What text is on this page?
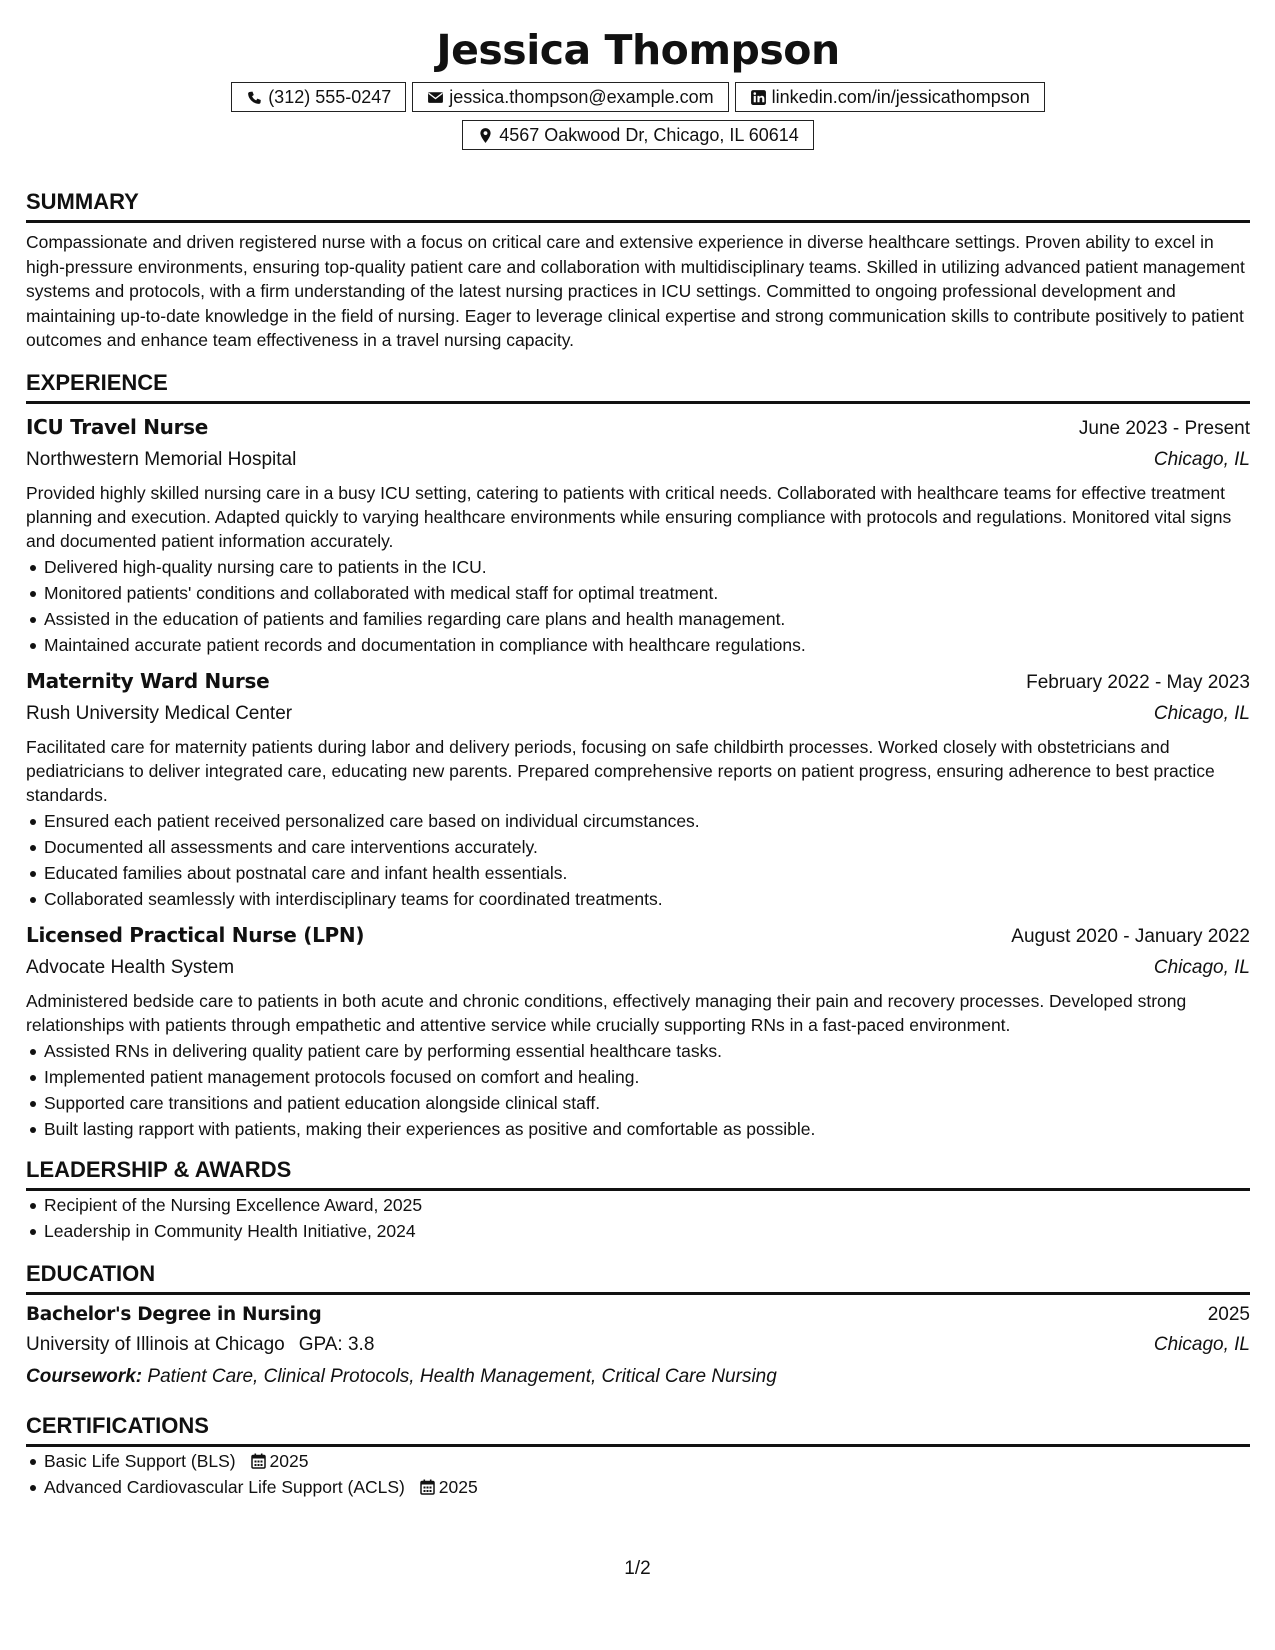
Jessica Thompson
(312) 555-0247	jessica.thompson@example.com	linkedin.com/in/jessicathompson
4567 Oakwood Dr, Chicago, IL 60614
SUMMARY

Compassionate and driven registered nurse with a focus on critical care and extensive experience in diverse healthcare settings. Proven ability to excel in high-pressure environments, ensuring top-quality patient care and collaboration with multidisciplinary teams. Skilled in utilizing advanced patient management systems and protocols, with a firm understanding of the latest nursing practices in ICU settings. Committed to ongoing professional development and maintaining up-to-date knowledge in the field of nursing. Eager to leverage clinical expertise and strong communication skills to contribute positively to patient outcomes and enhance team effectiveness in a travel nursing capacity.

EXPERIENCE
ICU Travel Nurse	June 2023 - Present
Northwestern Memorial Hospital	Chicago, IL

Provided highly skilled nursing care in a busy ICU setting, catering to patients with critical needs. Collaborated with healthcare teams for effective treatment planning and execution. Adapted quickly to varying healthcare environments while ensuring compliance with protocols and regulations. Monitored vital signs and documented patient information accurately.

Delivered high-quality nursing care to patients in the ICU.
Monitored patients' conditions and collaborated with medical staff for optimal treatment.
Assisted in the education of patients and families regarding care plans and health management.
Maintained accurate patient records and documentation in compliance with healthcare regulations.
Maternity Ward Nurse	February 2022 - May 2023
Rush University Medical Center	Chicago, IL

Facilitated care for maternity patients during labor and delivery periods, focusing on safe childbirth processes. Worked closely with obstetricians and pediatricians to deliver integrated care, educating new parents. Prepared comprehensive reports on patient progress, ensuring adherence to best practice standards.

Ensured each patient received personalized care based on individual circumstances.
Documented all assessments and care interventions accurately.
Educated families about postnatal care and infant health essentials.
Collaborated seamlessly with interdisciplinary teams for coordinated treatments.
Licensed Practical Nurse (LPN)	August 2020 - January 2022
Advocate Health System	Chicago, IL

Administered bedside care to patients in both acute and chronic conditions, effectively managing their pain and recovery processes. Developed strong relationships with patients through empathetic and attentive service while crucially supporting RNs in a fast-paced environment.

Assisted RNs in delivering quality patient care by performing essential healthcare tasks.
Implemented patient management protocols focused on comfort and healing.
Supported care transitions and patient education alongside clinical staff.
Built lasting rapport with patients, making their experiences as positive and comfortable as possible.
LEADERSHIP & AWARDS
Recipient of the Nursing Excellence Award, 2025
Leadership in Community Health Initiative, 2024
EDUCATION
Bachelor's Degree in Nursing	2025
University of Illinois at Chicago GPA: 3.8	Chicago, IL
Coursework: Patient Care, Clinical Protocols, Health Management, Critical Care Nursing
CERTIFICATIONS
Basic Life Support (BLS) 2025
Advanced Cardiovascular Life Support (ACLS) 2025
1/2
